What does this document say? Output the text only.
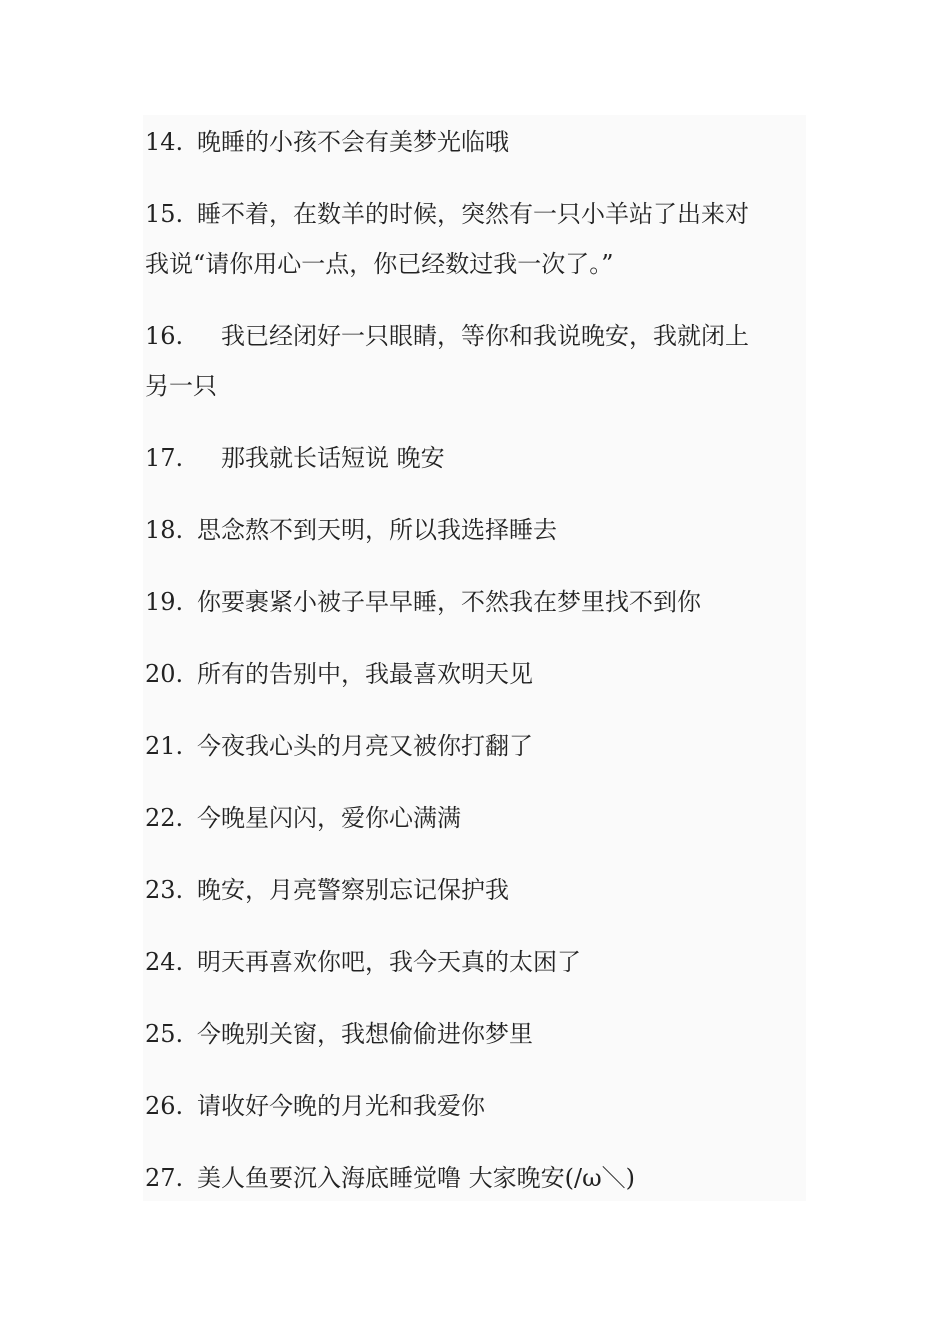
14. 晚睡的小孩不会有美梦光临哦
15. 睡不着，在数羊的时候，突然有一只小羊站了出来对
我说“请你用心一点，你已经数过我一次了。”
16. 我已经闭好一只眼睛，等你和我说晚安，我就闭上
另一只
17. 那我就长话短说 晚安
18. 思念熬不到天明，所以我选择睡去
19. 你要裹紧小被子早早睡，不然我在梦里找不到你
20. 所有的告别中，我最喜欢明天见
21. 今夜我心头的月亮又被你打翻了
22. 今晚星闪闪，爱你心满满
23. 晚安，月亮警察别忘记保护我
24. 明天再喜欢你吧，我今天真的太困了
25. 今晚别关窗，我想偷偷进你梦里
26. 请收好今晚的月光和我爱你
27. 美人鱼要沉入海底睡觉噜 大家晚安(/ω＼)
